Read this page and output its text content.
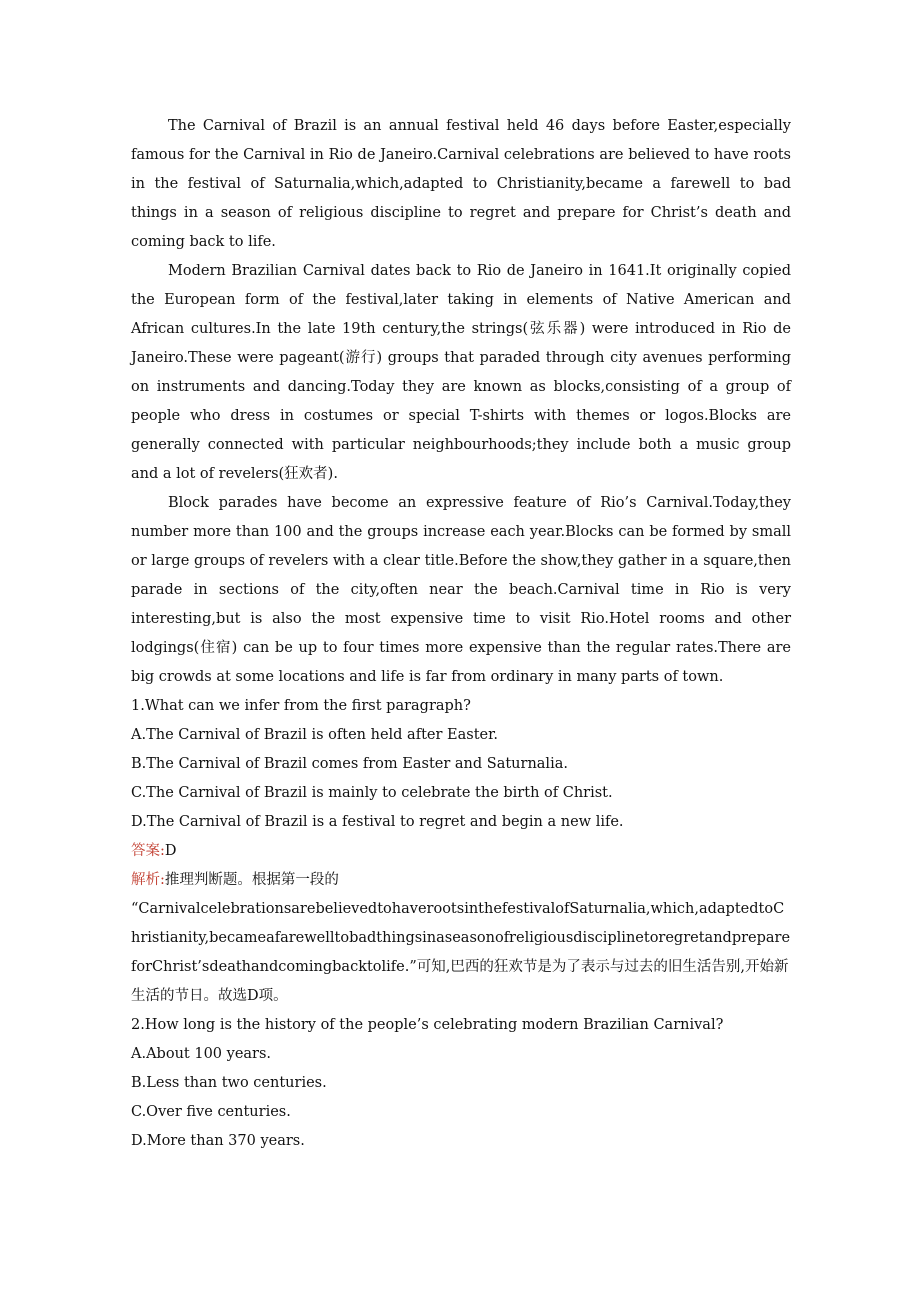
The Carnival of Brazil is an annual festival held 46 days before Easter,especially famous for the Carnival in Rio de Janeiro.Carnival celebrations are believed to have roots in the festival of Saturnalia,which,adapted to Christianity,became a farewell to bad things in a season of religious discipline to regret and prepare for Christ’s death and coming back to life.

Modern Brazilian Carnival dates back to Rio de Janeiro in 1641.It originally copied the European form of the festival,later taking in elements of Native American and African cultures.In the late 19th century,the strings(弦乐器) were introduced in Rio de Janeiro.These were pageant(游行) groups that paraded through city avenues performing on instruments and dancing.Today they are known as blocks,consisting of a group of people who dress in costumes or special T-shirts with themes or logos.Blocks are generally connected with particular neighbourhoods;they include both a music group and a lot of revelers(狂欢者).

Block parades have become an expressive feature of Rio’s Carnival.Today,they number more than 100 and the groups increase each year.Blocks can be formed by small or large groups of revelers with a clear title.Before the show,they gather in a square,then parade in sections of the city,often near the beach.Carnival time in Rio is very interesting,but is also the most expensive time to visit Rio.Hotel rooms and other lodgings(住宿) can be up to four times more expensive than the regular rates.There are big crowds at some locations and life is far from ordinary in many parts of town.

1.What can we infer from the first paragraph?

A.The Carnival of Brazil is often held after Easter.

B.The Carnival of Brazil comes from Easter and Saturnalia.

C.The Carnival of Brazil is mainly to celebrate the birth of Christ.

D.The Carnival of Brazil is a festival to regret and begin a new life.

答案:D

解析:推理判断题。根据第一段的
“CarnivalcelebrationsarebelievedtohaverootsinthefestivalofSaturnalia,which,adaptedtoChristianity,becameafarewelltobadthingsinaseasonofreligiousdisciplinetoregretandprepareforChrist’sdeathandcomingbacktolife.”可知,巴西的狂欢节是为了表示与过去的旧生活告别,开始新生活的节日。故选D项。

2.How long is the history of the people’s celebrating modern Brazilian Carnival?

A.About 100 years.

B.Less than two centuries.

C.Over five centuries.

D.More than 370 years.
